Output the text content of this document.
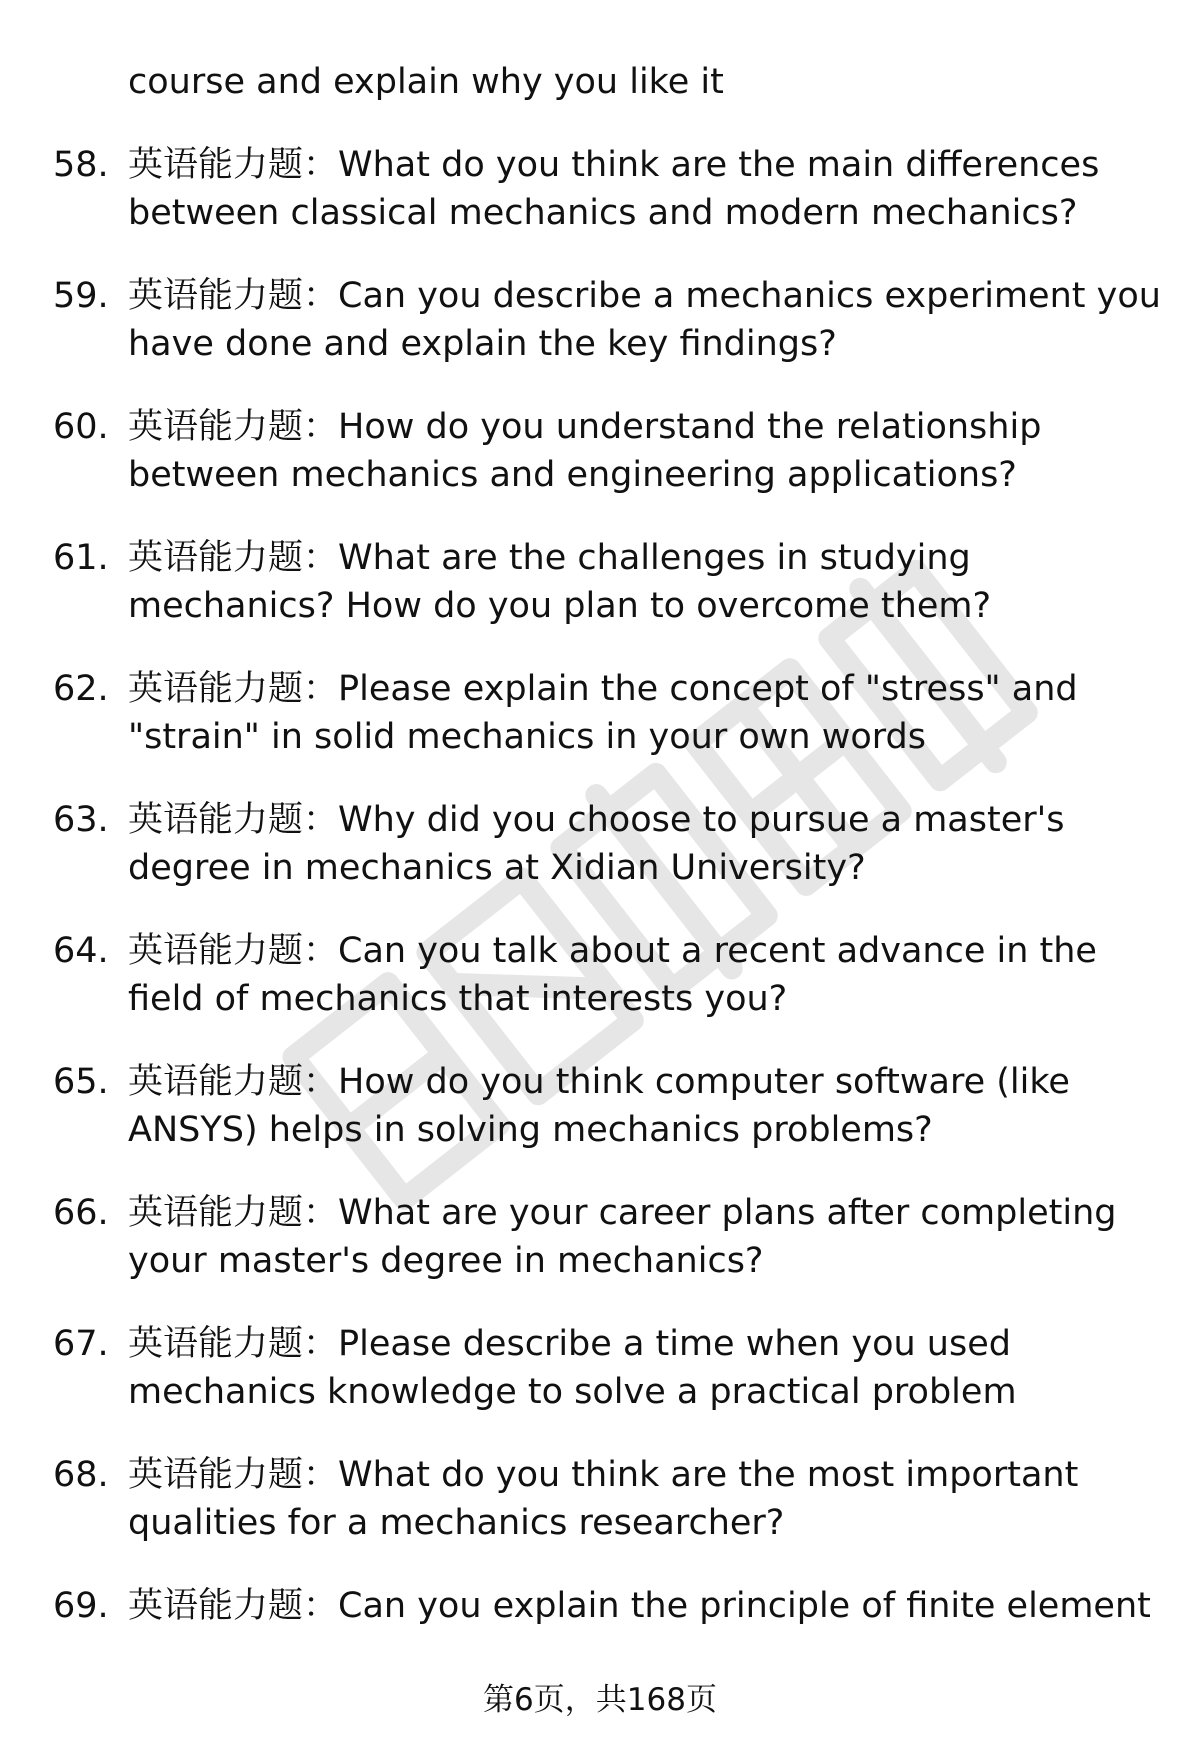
course and explain why you like it
58. 英语能力题：What do you think are the main differences between classical mechanics and modern mechanics?
59. 英语能力题：Can you describe a mechanics experiment you have done and explain the key findings?
60. 英语能力题：How do you understand the relationship between mechanics and engineering applications?
61. 英语能力题：What are the challenges in studying mechanics? How do you plan to overcome them?
62. 英语能力题：Please explain the concept of "stress" and "strain" in solid mechanics in your own words
63. 英语能力题：Why did you choose to pursue a master's degree in mechanics at Xidian University?
64. 英语能力题：Can you talk about a recent advance in the field of mechanics that interests you?
65. 英语能力题：How do you think computer software (like ANSYS) helps in solving mechanics problems?
66. 英语能力题：What are your career plans after completing your master's degree in mechanics?
67. 英语能力题：Please describe a time when you used mechanics knowledge to solve a practical problem
68. 英语能力题：What do you think are the most important qualities for a mechanics researcher?
69. 英语能力题：Can you explain the principle of finite element
第6页，共168页
